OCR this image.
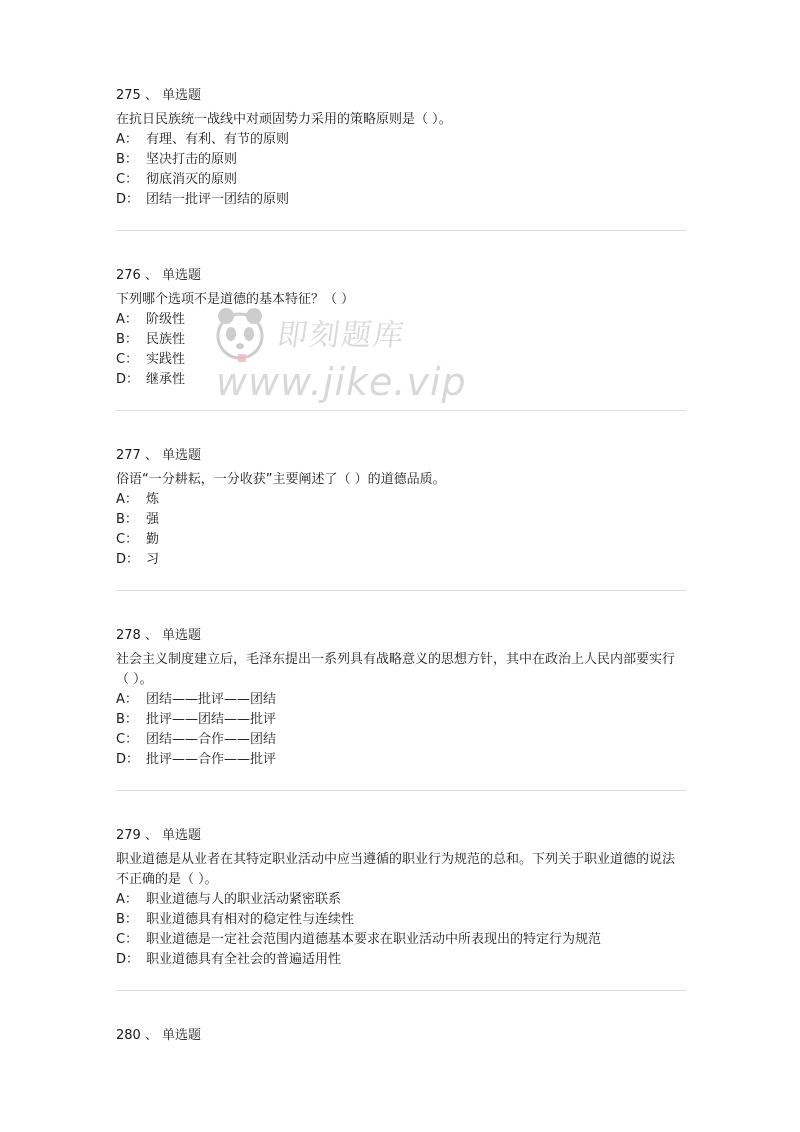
275 、 单选题

在抗日民族统一战线中对顽固势力采用的策略原则是（ ）。

A： 有理、有利、有节的原则

B： 坚决打击的原则

C： 彻底消灭的原则

D： 团结一批评一团结的原则

276 、 单选题

下列哪个选项不是道德的基本特征？（ ）

A： 阶级性

B： 民族性

C： 实践性

D： 继承性

277 、 单选题

俗语“一分耕耘，一分收获”主要阐述了（ ）的道德品质。

A： 炼

B： 强

C： 勤

D： 习

278 、 单选题

社会主义制度建立后，毛泽东提出一系列具有战略意义的思想方针，其中在政治上人民内部要实行（ ）。

A： 团结——批评——团结

B： 批评——团结——批评

C： 团结——合作——团结

D： 批评——合作——批评

279 、 单选题

职业道德是从业者在其特定职业活动中应当遵循的职业行为规范的总和。下列关于职业道德的说法不正确的是（ ）。

A： 职业道德与人的职业活动紧密联系

B： 职业道德具有相对的稳定性与连续性

C： 职业道德是一定社会范围内道德基本要求在职业活动中所表现出的特定行为规范

D： 职业道德具有全社会的普遍适用性

280 、 单选题
即刻题库
www.jike.vip
